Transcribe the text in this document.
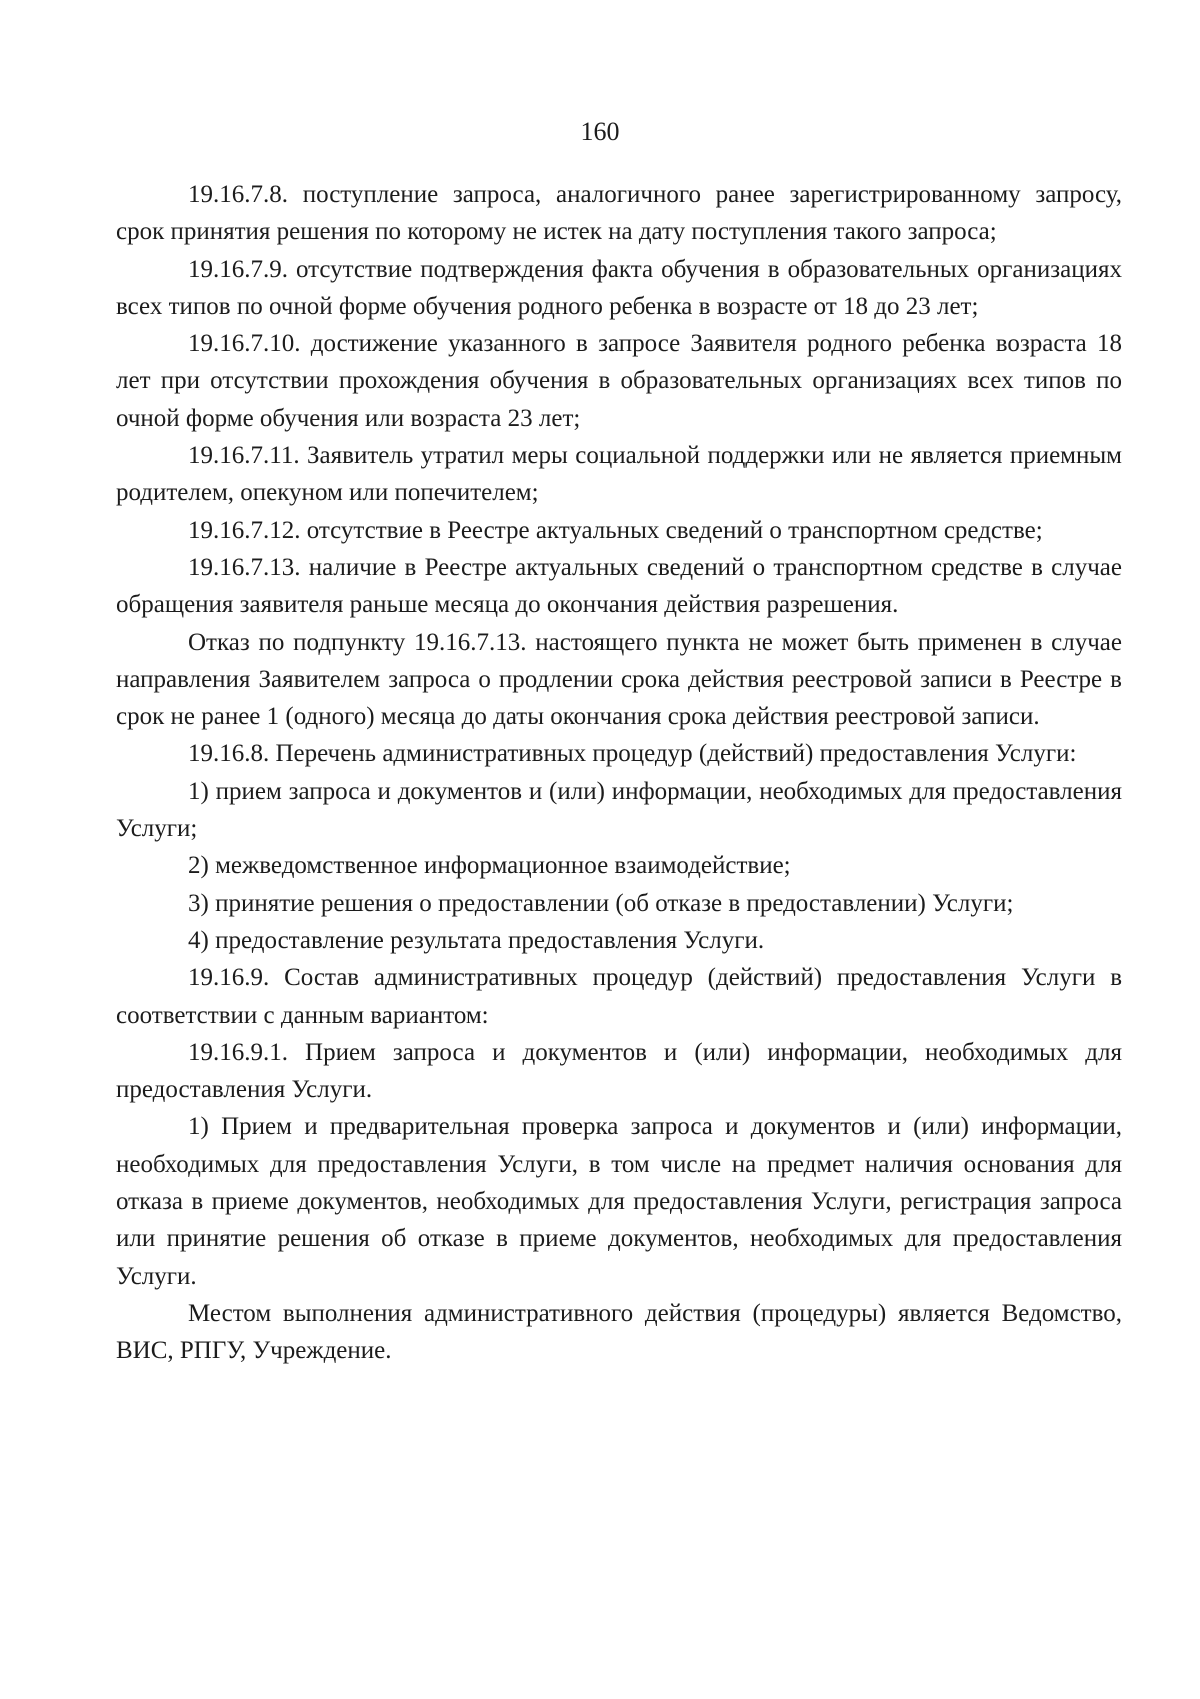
160

19.16.7.8. поступление запроса, аналогичного ранее зарегистрированному запросу, срок принятия решения по которому не истек на дату поступления такого запроса;

19.16.7.9. отсутствие подтверждения факта обучения в образовательных организациях всех типов по очной форме обучения родного ребенка в возрасте от 18 до 23 лет;

19.16.7.10. достижение указанного в запросе Заявителя родного ребенка возраста 18 лет при отсутствии прохождения обучения в образовательных организациях всех типов по очной форме обучения или возраста 23 лет;

19.16.7.11. Заявитель утратил меры социальной поддержки или не является приемным родителем, опекуном или попечителем;

19.16.7.12. отсутствие в Реестре актуальных сведений о транспортном средстве;

19.16.7.13. наличие в Реестре актуальных сведений о транспортном средстве в случае обращения заявителя раньше месяца до окончания действия разрешения.

Отказ по подпункту 19.16.7.13. настоящего пункта не может быть применен в случае направления Заявителем запроса о продлении срока действия реестровой записи в Реестре в срок не ранее 1 (одного) месяца до даты окончания срока действия реестровой записи.

19.16.8. Перечень административных процедур (действий) предоставления Услуги:

1) прием запроса и документов и (или) информации, необходимых для предоставления Услуги;

2) межведомственное информационное взаимодействие;

3) принятие решения о предоставлении (об отказе в предоставлении) Услуги;

4) предоставление результата предоставления Услуги.

19.16.9. Состав административных процедур (действий) предоставления Услуги в соответствии с данным вариантом:

19.16.9.1. Прием запроса и документов и (или) информации, необходимых для предоставления Услуги.

1) Прием и предварительная проверка запроса и документов и (или) информации, необходимых для предоставления Услуги, в том числе на предмет наличия основания для отказа в приеме документов, необходимых для предоставления Услуги, регистрация запроса или принятие решения об отказе в приеме документов, необходимых для предоставления Услуги.

Местом выполнения административного действия (процедуры) является Ведомство, ВИС, РПГУ, Учреждение.
